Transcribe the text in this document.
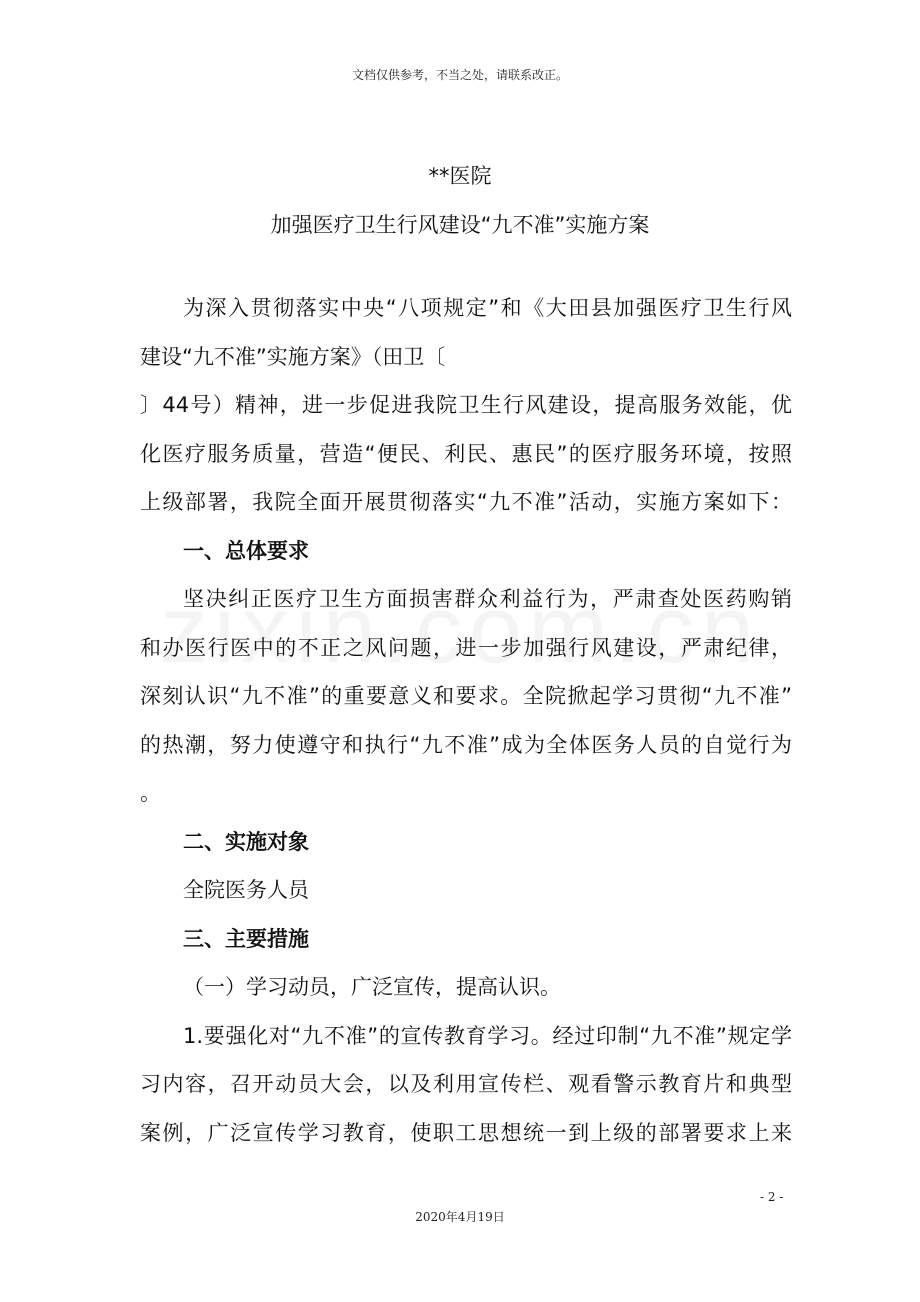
文档仅供参考，不当之处，请联系改正。
**医院
加强医疗卫生行风建设“九不准”实施方案
为深入贯彻落实中央“八项规定”和《大田县加强医疗卫生行风
建设“九不准”实施方案》（田卫〔
〕44号）精神，进一步促进我院卫生行风建设，提高服务效能，优
化医疗服务质量，营造“便民、利民、惠民”的医疗服务环境，按照
上级部署，我院全面开展贯彻落实“九不准”活动，实施方案如下：
一、总体要求
坚决纠正医疗卫生方面损害群众利益行为，严肃查处医药购销
和办医行医中的不正之风问题，进一步加强行风建设，严肃纪律，
深刻认识“九不准”的重要意义和要求。全院掀起学习贯彻“九不准”
的热潮，努力使遵守和执行“九不准”成为全体医务人员的自觉行为
。
二、实施对象
全院医务人员
三、主要措施
（一）学习动员，广泛宣传，提高认识。
1.要强化对“九不准”的宣传教育学习。经过印制“九不准”规定学
习内容，召开动员大会，以及利用宣传栏、观看警示教育片和典型
案例，广泛宣传学习教育，使职工思想统一到上级的部署要求上来
- 2 -
2020年4月19日
